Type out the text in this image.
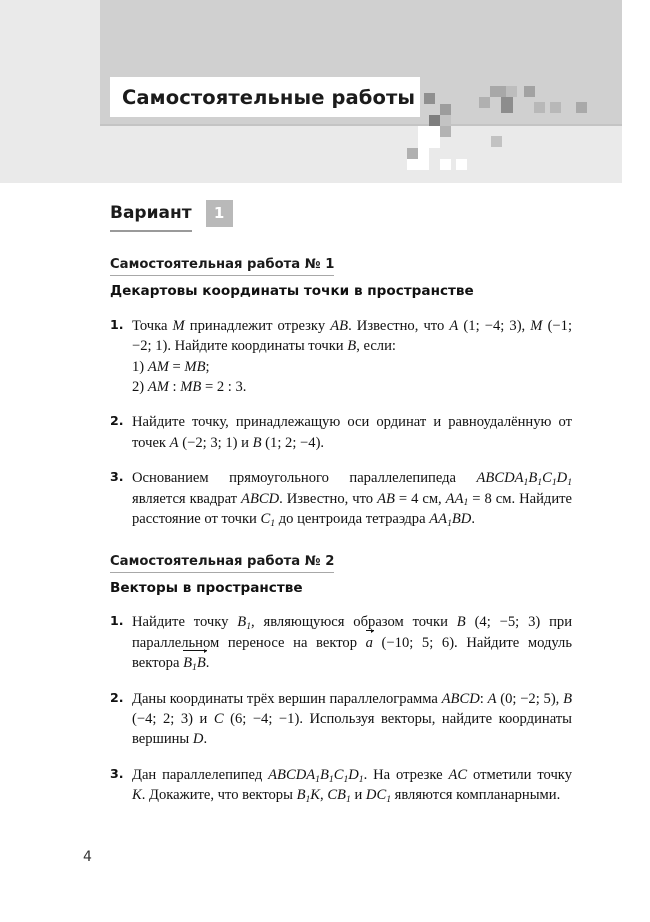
Самостоятельные работы
Вариант	1
Самостоятельная работа № 1
Декартовы координаты точки в пространстве
1. Точка M принадлежит отрезку AB. Известно, что A (1; −4; 3), M (−1; −2; 1). Найдите координаты точки B, если:
1) AM = MB;
2) AM : MB = 2 : 3.
2. Найдите точку, принадлежащую оси ординат и равноудалённую от точек A (−2; 3; 1) и B (1; 2; −4).
3. Основанием прямоугольного параллелепипеда $ABCDA_1B_1C_1D_1$ является квадрат ABCD. Известно, что AB = 4 см, $AA_1 = 8$ см. Найдите расстояние от точки $C_1$ до центроида тетраэдра $AA_1BD$.
Самостоятельная работа № 2
Векторы в пространстве
1. Найдите точку $B_1$, являющуюся образом точки B (4; −5; 3) при параллельном переносе на вектор a (−10; 5; 6). Найдите модуль вектора $B_1B$.
2. Даны координаты трёх вершин параллелограмма ABCD: A (0; −2; 5), B (−4; 2; 3) и C (6; −4; −1). Используя векторы, найдите координаты вершины D.
3. Дан параллелепипед $ABCDA_1B_1C_1D_1$. На отрезке AC отметили точку K. Докажите, что векторы $B_1K$, $CB_1$ и $DC_1$ являются компланарными.
4
